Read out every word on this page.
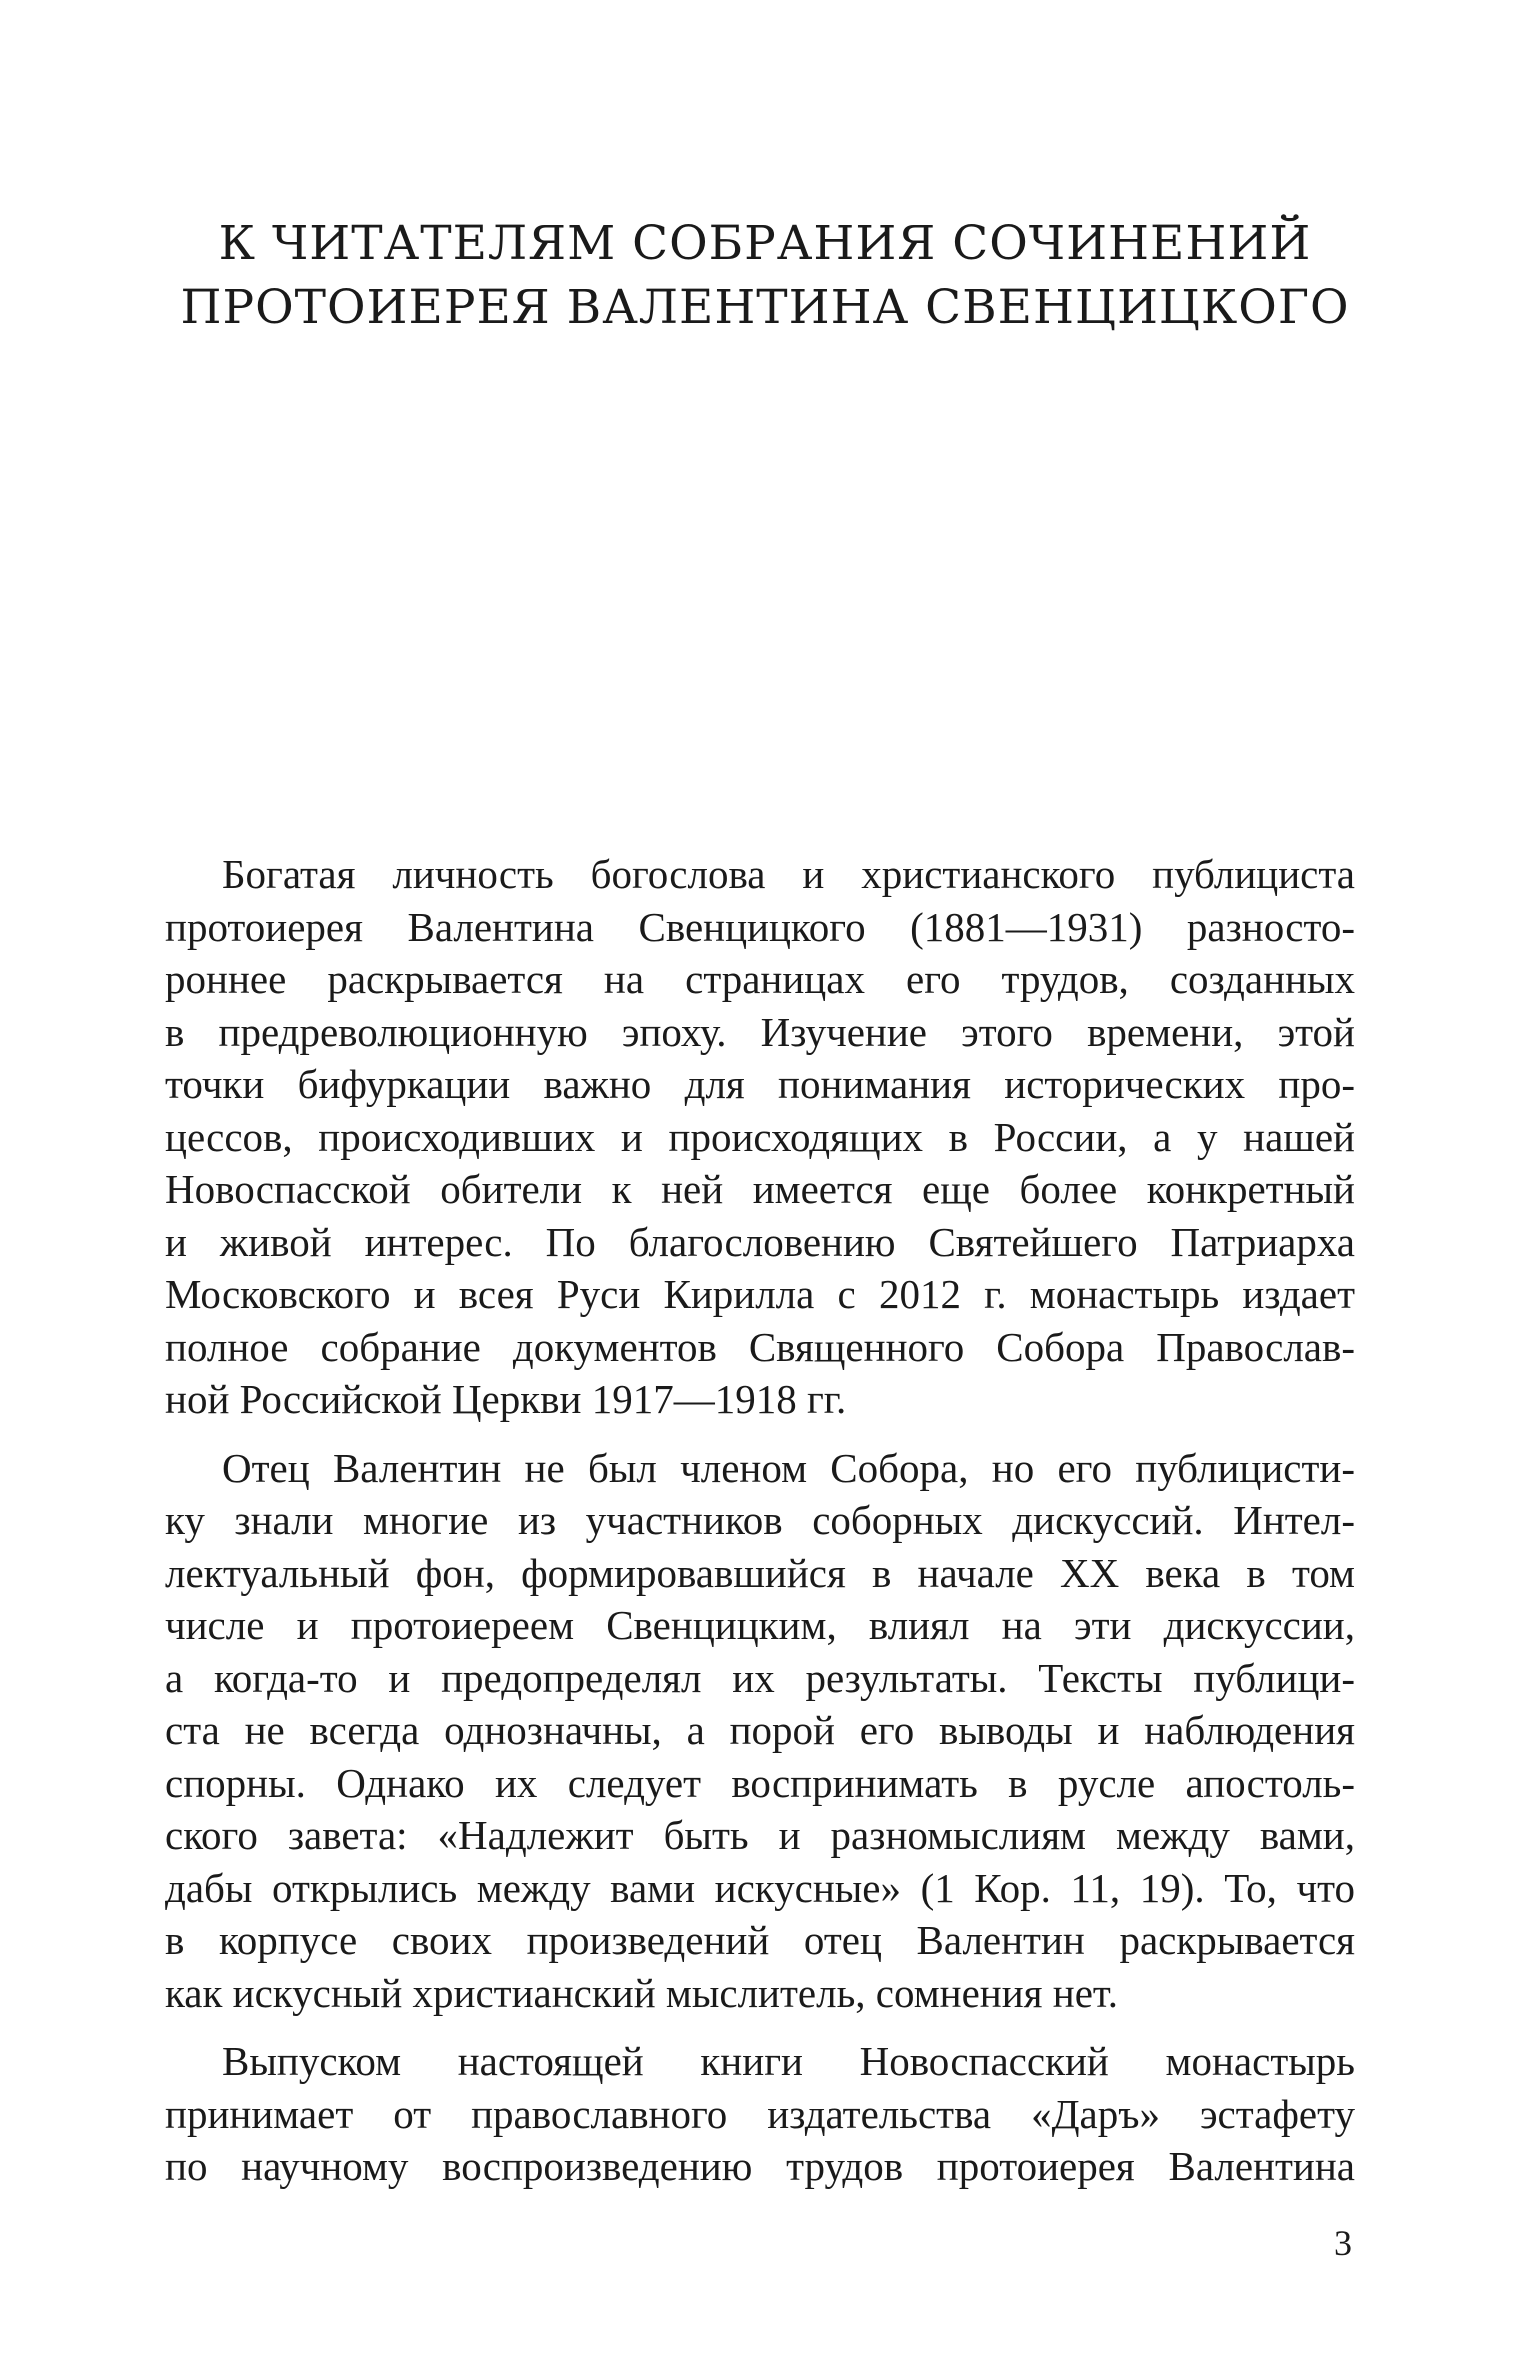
К ЧИТАТЕЛЯМ СОБРАНИЯ СОЧИНЕНИЙ
ПРОТОИЕРЕЯ ВАЛЕНТИНА СВЕНЦИЦКОГО
Богатая личность богослова и христианского публициста
протоиерея Валентина Свенцицкого (1881—1931) разносто-
роннее раскрывается на страницах его трудов, созданных
в предреволюционную эпоху. Изучение этого времени, этой
точки бифуркации важно для понимания исторических про-
цессов, происходивших и происходящих в России, а у нашей
Новоспасской обители к ней имеется еще более конкретный
и живой интерес. По благословению Святейшего Патриарха
Московского и всея Руси Кирилла с 2012 г. монастырь издает
полное собрание документов Священного Собора Православ-
ной Российской Церкви 1917—1918 гг.
Отец Валентин не был членом Собора, но его публицисти-
ку знали многие из участников соборных дискуссий. Интел-
лектуальный фон, формировавшийся в начале XX века в том
числе и протоиереем Свенцицким, влиял на эти дискуссии,
а когда-то и предопределял их результаты. Тексты публици-
ста не всегда однозначны, а порой его выводы и наблюдения
спорны. Однако их следует воспринимать в русле апостоль-
ского завета: «Надлежит быть и разномыслиям между вами,
дабы открылись между вами искусные» (1 Кор. 11, 19). То, что
в корпусе своих произведений отец Валентин раскрывается
как искусный христианский мыслитель, сомнения нет.
Выпуском настоящей книги Новоспасский монастырь
принимает от православного издательства «Даръ» эстафету
по научному воспроизведению трудов протоиерея Валентина
3
